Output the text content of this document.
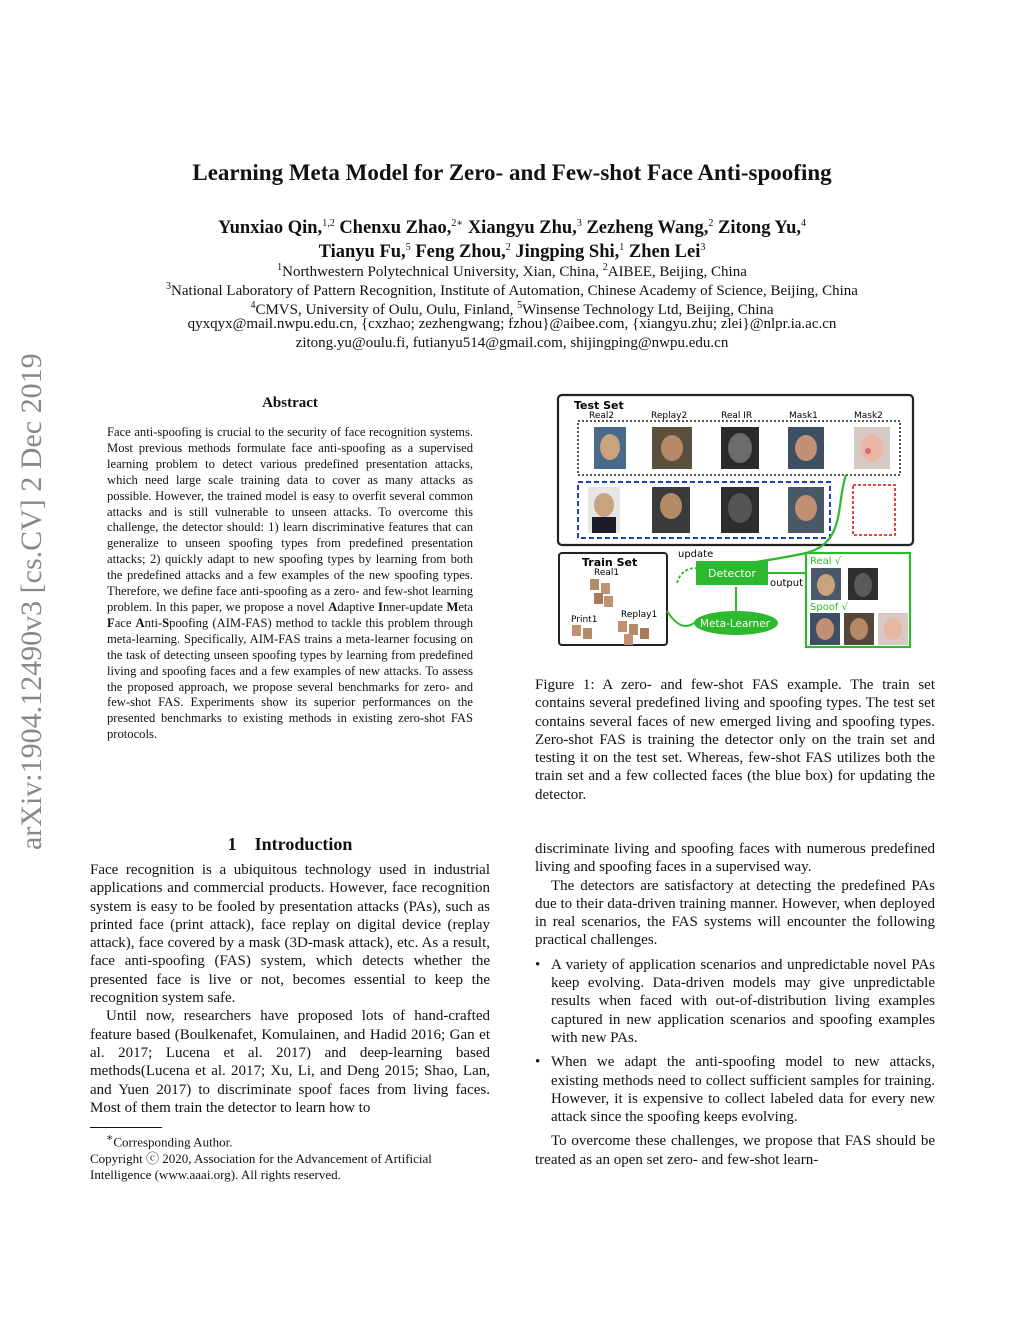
arXiv:1904.12490v3 [cs.CV] 2 Dec 2019
Learning Meta Model for Zero- and Few-shot Face Anti-spoofing
Yunxiao Qin,$^{1,2}$ Chenxu Zhao,$^{2∗}$ Xiangyu Zhu,$^3$ Zezheng Wang,$^2$ Zitong Yu,$^4$
Tianyu Fu,$^5$ Feng Zhou,$^2$ Jingping Shi,$^1$ Zhen Lei$^3$
$^1$Northwestern Polytechnical University, Xian, China, $^2$AIBEE, Beijing, China
$^3$National Laboratory of Pattern Recognition, Institute of Automation, Chinese Academy of Science, Beijing, China
$^4$CMVS, University of Oulu, Oulu, Finland, $^5$Winsense Technology Ltd, Beijing, China
qyxqyx@mail.nwpu.edu.cn, {cxzhao; zezhengwang; fzhou}@aibee.com, {xiangyu.zhu; zlei}@nlpr.ia.ac.cn
zitong.yu@oulu.fi, futianyu514@gmail.com, shijingping@nwpu.edu.cn
Abstract
Face anti-spoofing is crucial to the security of face recognition systems. Most previous methods formulate face anti-spoofing as a supervised learning problem to detect various predefined presentation attacks, which need large scale training data to cover as many attacks as possible. However, the trained model is easy to overfit several common attacks and is still vulnerable to unseen attacks. To overcome this challenge, the detector should: 1) learn discriminative features that can generalize to unseen spoofing types from predefined presentation attacks; 2) quickly adapt to new spoofing types by learning from both the predefined attacks and a few examples of the new spoofing types. Therefore, we define face anti-spoofing as a zero- and few-shot learning problem. In this paper, we propose a novel Adaptive Inner-update Meta Face Anti-Spoofing (AIM-FAS) method to tackle this problem through meta-learning. Specifically, AIM-FAS trains a meta-learner focusing on the task of detecting unseen spoofing types by learning from predefined living and spoofing faces and a few examples of new attacks. To assess the proposed approach, we propose several benchmarks for zero- and few-shot FAS. Experiments show its superior performances on the presented benchmarks to existing methods in existing zero-shot FAS protocols.
1 Introduction

Face recognition is a ubiquitous technology used in industrial applications and commercial products. However, face recognition system is easy to be fooled by presentation attacks (PAs), such as printed face (print attack), face replay on digital device (replay attack), face covered by a mask (3D-mask attack), etc. As a result, face anti-spoofing (FAS) system, which detects whether the presented face is live or not, becomes essential to keep the recognition system safe.

Until now, researchers have proposed lots of hand-crafted feature based (Boulkenafet, Komulainen, and Hadid 2016; Gan et al. 2017; Lucena et al. 2017) and deep-learning based methods(Lucena et al. 2017; Xu, Li, and Deng 2015; Shao, Lan, and Yuen 2017) to discriminate spoof faces from living faces. Most of them train the detector to learn how to

∗Corresponding Author.
Copyright ⓒ 2020, Association for the Advancement of Artificial Intelligence (www.aaai.org). All rights reserved.
Test Set
Real2	Replay2	Real IR	Mask1	Mask2
Train Set
Real1
Print1	Replay1
update
Detector
output
Meta-Learner
Real √
Spoof √
Figure 1: A zero- and few-shot FAS example. The train set contains several predefined living and spoofing types. The test set contains several faces of new emerged living and spoofing types. Zero-shot FAS is training the detector only on the train set and testing it on the test set. Whereas, few-shot FAS utilizes both the train set and a few collected faces (the blue box) for updating the detector.

discriminate living and spoofing faces with numerous predefined living and spoofing faces in a supervised way.

The detectors are satisfactory at detecting the predefined PAs due to their data-driven training manner. However, when deployed in real scenarios, the FAS systems will encounter the following practical challenges.

• A variety of application scenarios and unpredictable novel PAs keep evolving. Data-driven models may give unpredictable results when faced with out-of-distribution living examples captured in new application scenarios and spoofing examples with new PAs.
• When we adapt the anti-spoofing model to new attacks, existing methods need to collect sufficient samples for training. However, it is expensive to collect labeled data for every new attack since the spoofing keeps evolving.

To overcome these challenges, we propose that FAS should be treated as an open set zero- and few-shot learn-
